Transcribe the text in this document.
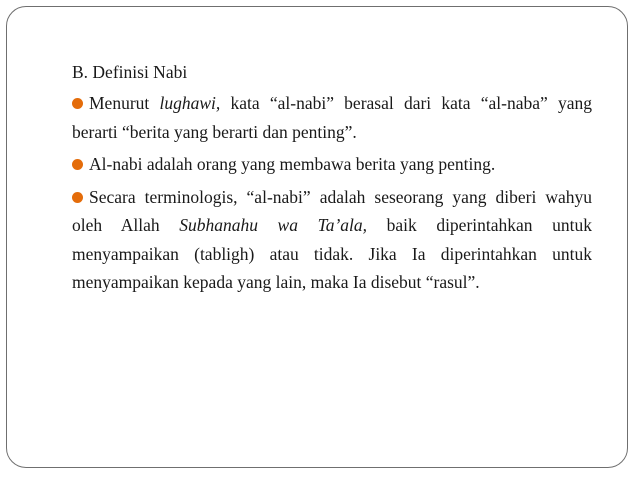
B. Definisi Nabi

Menurut lughawi, kata “al-nabi” berasal dari kata “al-naba” yang berarti “berita yang berarti dan penting”.

Al-nabi adalah orang yang membawa berita yang penting.

Secara terminologis, “al-nabi” adalah seseorang yang diberi wahyu oleh Allah Subhanahu wa Ta’ala, baik diperintahkan untuk menyampaikan (tabligh) atau tidak. Jika Ia diperintahkan untuk menyampaikan kepada yang lain, maka Ia disebut “rasul”.
